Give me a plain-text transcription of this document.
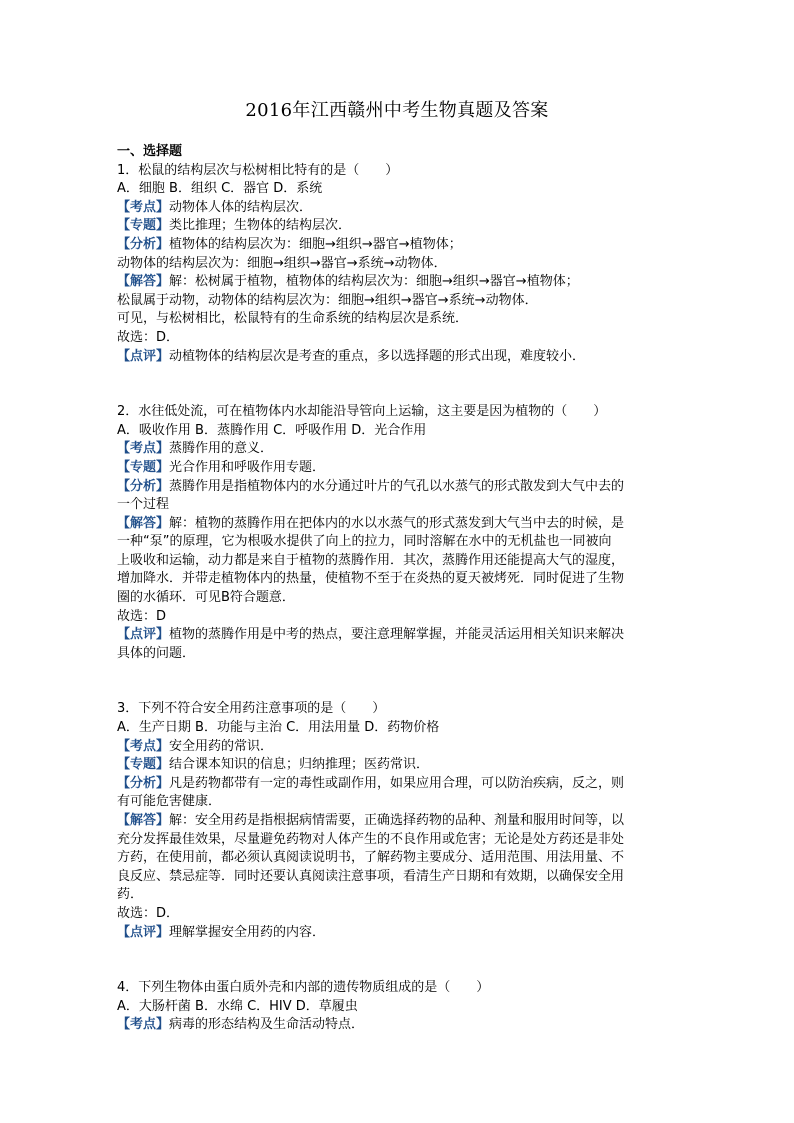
2016年江西赣州中考生物真题及答案
一、选择题
1．松鼠的结构层次与松树相比特有的是（　　）
A．细胞 B．组织 C．器官 D．系统
【考点】动物体人体的结构层次．
【专题】类比推理；生物体的结构层次．
【分析】植物体的结构层次为：细胞→组织→器官→植物体；
动物体的结构层次为：细胞→组织→器官→系统→动物体．
【解答】解：松树属于植物，植物体的结构层次为：细胞→组织→器官→植物体；
松鼠属于动物，动物体的结构层次为：细胞→组织→器官→系统→动物体．
可见，与松树相比，松鼠特有的生命系统的结构层次是系统．
故选：D．
【点评】动植物体的结构层次是考查的重点，多以选择题的形式出现，难度较小．
2．水往低处流，可在植物体内水却能沿导管向上运输，这主要是因为植物的（　　）
A．吸收作用 B．蒸腾作用 C．呼吸作用 D．光合作用
【考点】蒸腾作用的意义．
【专题】光合作用和呼吸作用专题．
【分析】蒸腾作用是指植物体内的水分通过叶片的气孔以水蒸气的形式散发到大气中去的
一个过程
【解答】解：植物的蒸腾作用在把体内的水以水蒸气的形式蒸发到大气当中去的时候，是
一种“泵”的原理，它为根吸水提供了向上的拉力，同时溶解在水中的无机盐也一同被向
上吸收和运输，动力都是来自于植物的蒸腾作用．其次，蒸腾作用还能提高大气的湿度，
增加降水．并带走植物体内的热量，使植物不至于在炎热的夏天被烤死．同时促进了生物
圈的水循环．可见B符合题意．
故选：D
【点评】植物的蒸腾作用是中考的热点，要注意理解掌握，并能灵活运用相关知识来解决
具体的问题．
3．下列不符合安全用药注意事项的是（　　）
A．生产日期 B．功能与主治 C．用法用量 D．药物价格
【考点】安全用药的常识．
【专题】结合课本知识的信息；归纳推理；医药常识．
【分析】凡是药物都带有一定的毒性或副作用，如果应用合理，可以防治疾病，反之，则
有可能危害健康．
【解答】解：安全用药是指根据病情需要，正确选择药物的品种、剂量和服用时间等，以
充分发挥最佳效果，尽量避免药物对人体产生的不良作用或危害；无论是处方药还是非处
方药，在使用前，都必须认真阅读说明书，了解药物主要成分、适用范围、用法用量、不
良反应、禁忌症等．同时还要认真阅读注意事项，看清生产日期和有效期，以确保安全用
药．
故选：D．
【点评】理解掌握安全用药的内容．
4．下列生物体由蛋白质外壳和内部的遗传物质组成的是（　　）
A．大肠杆菌 B．水绵 C．HIV D．草履虫
【考点】病毒的形态结构及生命活动特点．
